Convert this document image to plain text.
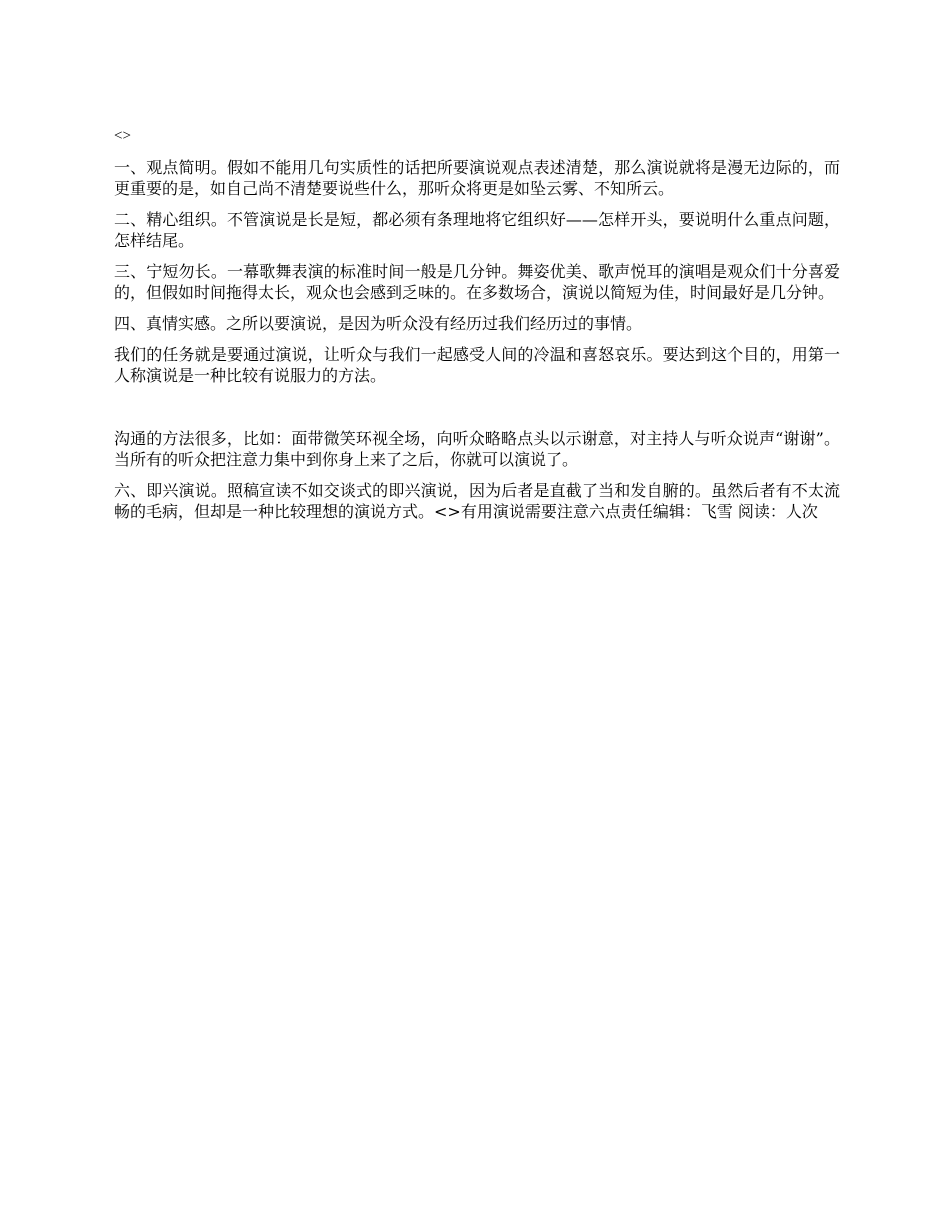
<>

一、观点简明。假如不能用几句实质性的话把所要演说观点表述清楚，那么演说就将是漫无边际的，而更重要的是，如自己尚不清楚要说些什么，那听众将更是如坠云雾、不知所云。

二、精心组织。不管演说是长是短，都必须有条理地将它组织好——怎样开头，要说明什么重点问题，怎样结尾。

三、宁短勿长。一幕歌舞表演的标准时间一般是几分钟。舞姿优美、歌声悦耳的演唱是观众们十分喜爱的，但假如时间拖得太长，观众也会感到乏味的。在多数场合，演说以简短为佳，时间最好是几分钟。

四、真情实感。之所以要演说，是因为听众没有经历过我们经历过的事情。

我们的任务就是要通过演说，让听众与我们一起感受人间的冷温和喜怒哀乐。要达到这个目的，用第一人称演说是一种比较有说服力的方法。

沟通的方法很多，比如：面带微笑环视全场，向听众略略点头以示谢意，对主持人与听众说声“谢谢”。当所有的听众把注意力集中到你身上来了之后，你就可以演说了。

六、即兴演说。照稿宣读不如交谈式的即兴演说，因为后者是直截了当和发自腑的。虽然后者有不太流畅的毛病，但却是一种比较理想的演说方式。<>有用演说需要注意六点责任编辑：飞雪 阅读：人次
